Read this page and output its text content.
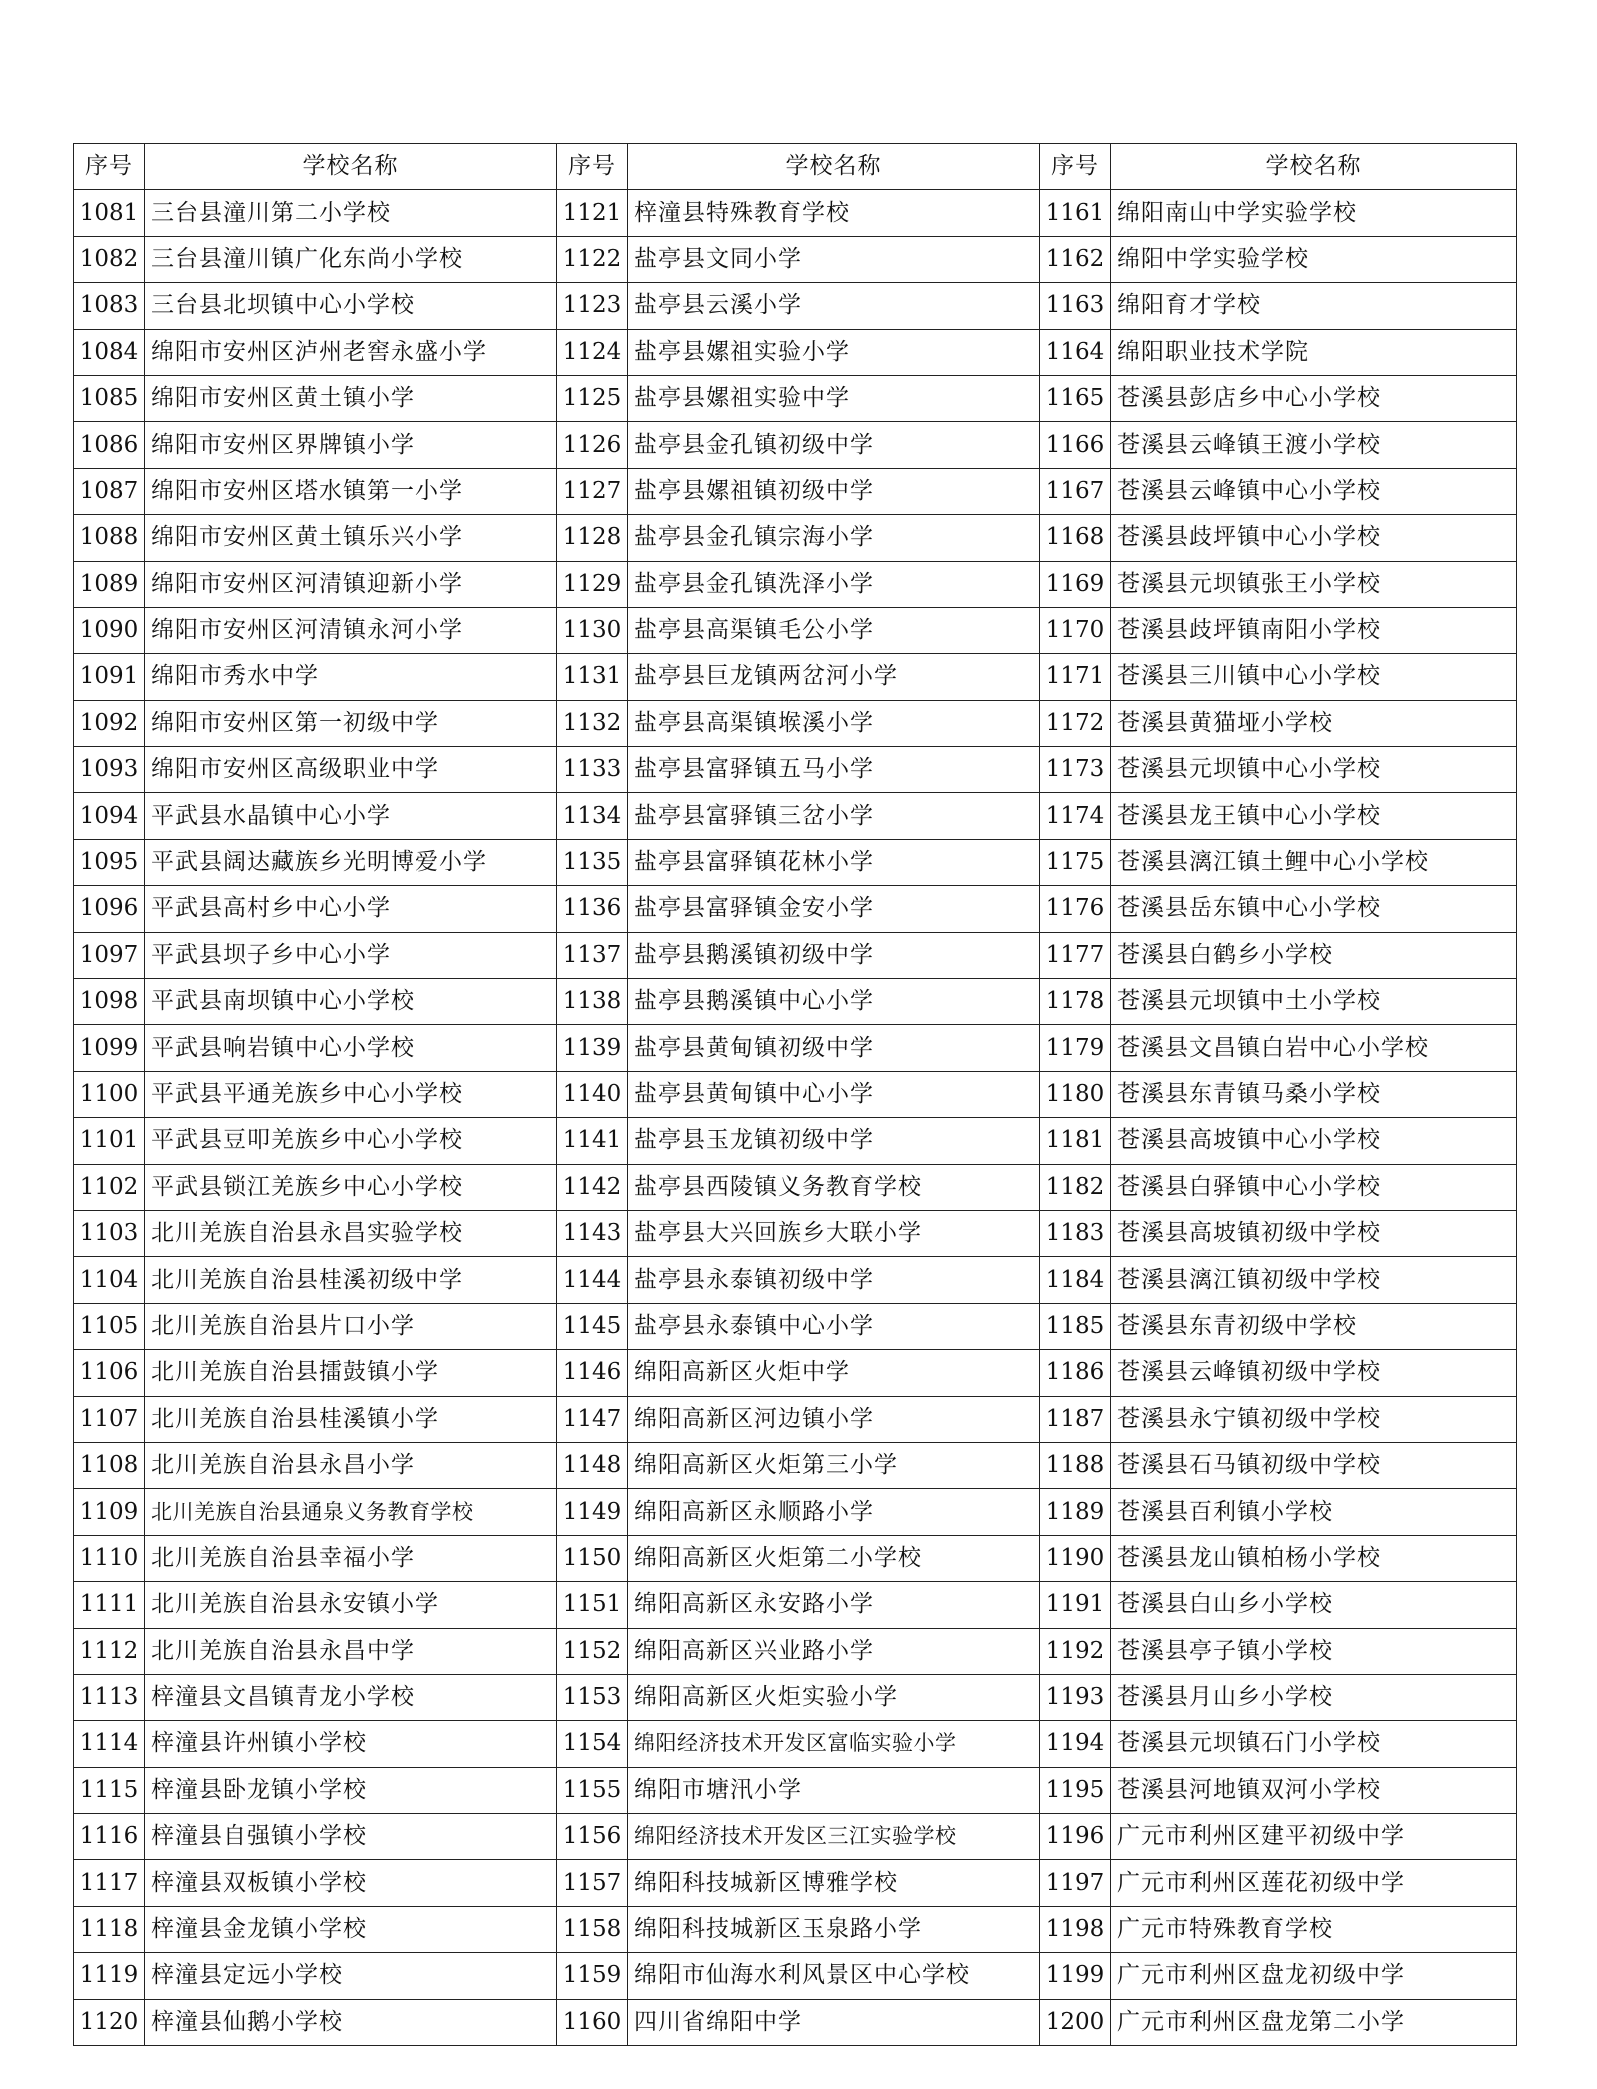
序号	学校名称	序号	学校名称	序号	学校名称
1081	三台县潼川第二小学校	1121	梓潼县特殊教育学校	1161	绵阳南山中学实验学校
1082	三台县潼川镇广化东尚小学校	1122	盐亭县文同小学	1162	绵阳中学实验学校
1083	三台县北坝镇中心小学校	1123	盐亭县云溪小学	1163	绵阳育才学校
1084	绵阳市安州区泸州老窖永盛小学	1124	盐亭县嫘祖实验小学	1164	绵阳职业技术学院
1085	绵阳市安州区黄土镇小学	1125	盐亭县嫘祖实验中学	1165	苍溪县彭店乡中心小学校
1086	绵阳市安州区界牌镇小学	1126	盐亭县金孔镇初级中学	1166	苍溪县云峰镇王渡小学校
1087	绵阳市安州区塔水镇第一小学	1127	盐亭县嫘祖镇初级中学	1167	苍溪县云峰镇中心小学校
1088	绵阳市安州区黄土镇乐兴小学	1128	盐亭县金孔镇宗海小学	1168	苍溪县歧坪镇中心小学校
1089	绵阳市安州区河清镇迎新小学	1129	盐亭县金孔镇洗泽小学	1169	苍溪县元坝镇张王小学校
1090	绵阳市安州区河清镇永河小学	1130	盐亭县高渠镇毛公小学	1170	苍溪县歧坪镇南阳小学校
1091	绵阳市秀水中学	1131	盐亭县巨龙镇两岔河小学	1171	苍溪县三川镇中心小学校
1092	绵阳市安州区第一初级中学	1132	盐亭县高渠镇堠溪小学	1172	苍溪县黄猫垭小学校
1093	绵阳市安州区高级职业中学	1133	盐亭县富驿镇五马小学	1173	苍溪县元坝镇中心小学校
1094	平武县水晶镇中心小学	1134	盐亭县富驿镇三岔小学	1174	苍溪县龙王镇中心小学校
1095	平武县阔达藏族乡光明博爱小学	1135	盐亭县富驿镇花林小学	1175	苍溪县漓江镇土鲤中心小学校
1096	平武县高村乡中心小学	1136	盐亭县富驿镇金安小学	1176	苍溪县岳东镇中心小学校
1097	平武县坝子乡中心小学	1137	盐亭县鹅溪镇初级中学	1177	苍溪县白鹤乡小学校
1098	平武县南坝镇中心小学校	1138	盐亭县鹅溪镇中心小学	1178	苍溪县元坝镇中土小学校
1099	平武县响岩镇中心小学校	1139	盐亭县黄甸镇初级中学	1179	苍溪县文昌镇白岩中心小学校
1100	平武县平通羌族乡中心小学校	1140	盐亭县黄甸镇中心小学	1180	苍溪县东青镇马桑小学校
1101	平武县豆叩羌族乡中心小学校	1141	盐亭县玉龙镇初级中学	1181	苍溪县高坡镇中心小学校
1102	平武县锁江羌族乡中心小学校	1142	盐亭县西陵镇义务教育学校	1182	苍溪县白驿镇中心小学校
1103	北川羌族自治县永昌实验学校	1143	盐亭县大兴回族乡大联小学	1183	苍溪县高坡镇初级中学校
1104	北川羌族自治县桂溪初级中学	1144	盐亭县永泰镇初级中学	1184	苍溪县漓江镇初级中学校
1105	北川羌族自治县片口小学	1145	盐亭县永泰镇中心小学	1185	苍溪县东青初级中学校
1106	北川羌族自治县擂鼓镇小学	1146	绵阳高新区火炬中学	1186	苍溪县云峰镇初级中学校
1107	北川羌族自治县桂溪镇小学	1147	绵阳高新区河边镇小学	1187	苍溪县永宁镇初级中学校
1108	北川羌族自治县永昌小学	1148	绵阳高新区火炬第三小学	1188	苍溪县石马镇初级中学校
1109	北川羌族自治县通泉义务教育学校	1149	绵阳高新区永顺路小学	1189	苍溪县百利镇小学校
1110	北川羌族自治县幸福小学	1150	绵阳高新区火炬第二小学校	1190	苍溪县龙山镇柏杨小学校
1111	北川羌族自治县永安镇小学	1151	绵阳高新区永安路小学	1191	苍溪县白山乡小学校
1112	北川羌族自治县永昌中学	1152	绵阳高新区兴业路小学	1192	苍溪县亭子镇小学校
1113	梓潼县文昌镇青龙小学校	1153	绵阳高新区火炬实验小学	1193	苍溪县月山乡小学校
1114	梓潼县许州镇小学校	1154	绵阳经济技术开发区富临实验小学	1194	苍溪县元坝镇石门小学校
1115	梓潼县卧龙镇小学校	1155	绵阳市塘汛小学	1195	苍溪县河地镇双河小学校
1116	梓潼县自强镇小学校	1156	绵阳经济技术开发区三江实验学校	1196	广元市利州区建平初级中学
1117	梓潼县双板镇小学校	1157	绵阳科技城新区博雅学校	1197	广元市利州区莲花初级中学
1118	梓潼县金龙镇小学校	1158	绵阳科技城新区玉泉路小学	1198	广元市特殊教育学校
1119	梓潼县定远小学校	1159	绵阳市仙海水利风景区中心学校	1199	广元市利州区盘龙初级中学
1120	梓潼县仙鹅小学校	1160	四川省绵阳中学	1200	广元市利州区盘龙第二小学
